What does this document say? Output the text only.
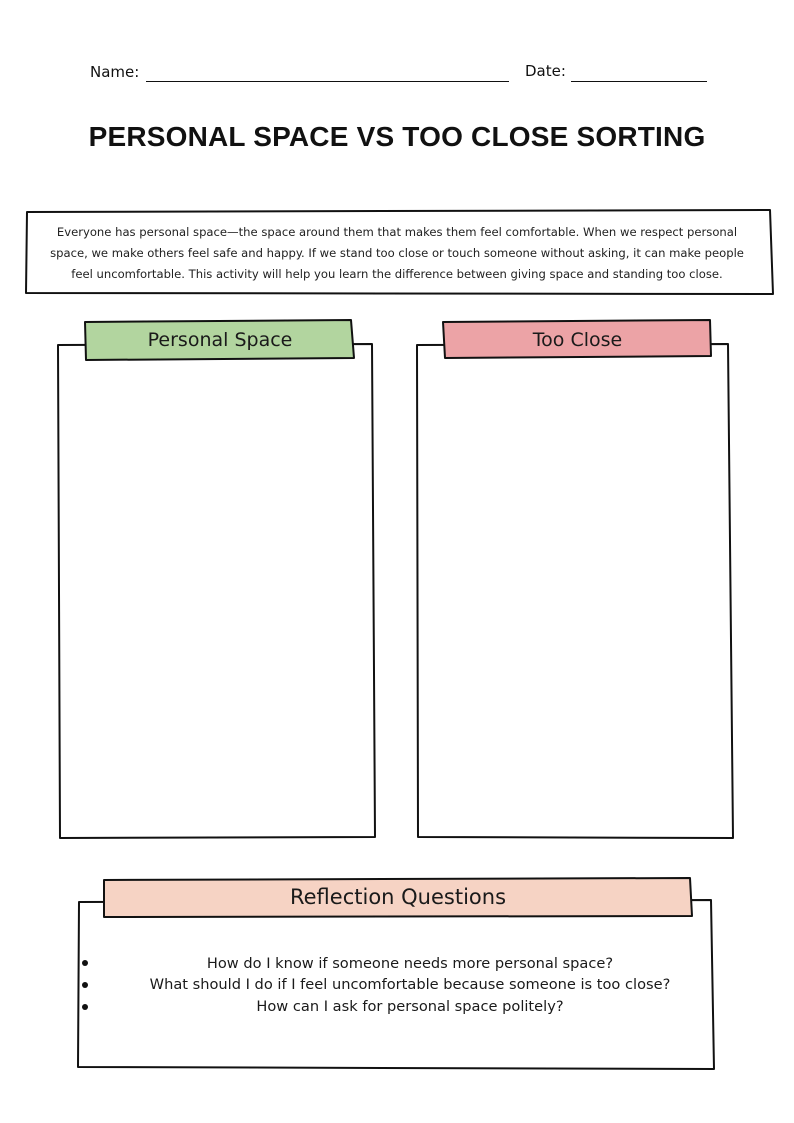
Name:	Date:
PERSONAL SPACE VS TOO CLOSE SORTING
Everyone has personal space—the space around them that makes them feel comfortable. When we respect personal space, we make others feel safe and happy. If we stand too close or touch someone without asking, it can make people feel uncomfortable. This activity will help you learn the difference between giving space and standing too close.
Personal Space	Too Close
Reflection Questions
How do I know if someone needs more personal space?
What should I do if I feel uncomfortable because someone is too close?
How can I ask for personal space politely?
